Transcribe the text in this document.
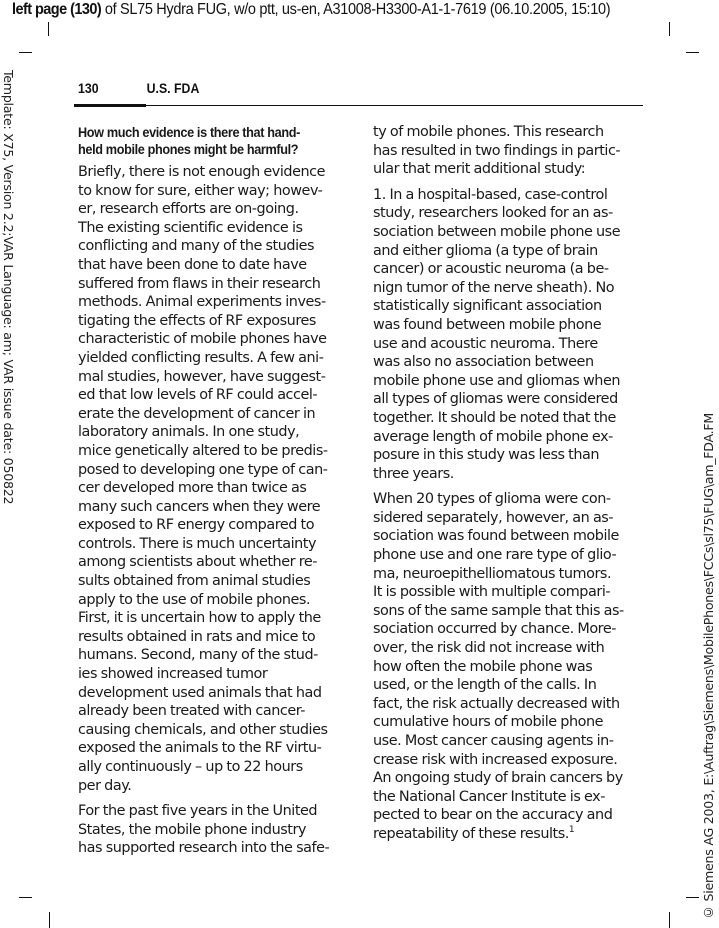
left page (130) of SL75 Hydra FUG, w/o ptt, us-en, A31008-H3300-A1-1-7619 (06.10.2005, 15:10)
Template: X75, Version 2.2;VAR Language: am; VAR issue date: 050822
© Siemens AG 2003, E:\Auftrag\Siemens\MobilePhones\FCCs\sl75\FUG\am_FDA.FM
130	U.S. FDA
How much evidence is there that hand-
held mobile phones might be harmful?

Briefly, there is not enough evidence
to know for sure, either way; howev-
er, research efforts are on-going.
The existing scientific evidence is
conflicting and many of the studies
that have been done to date have
suffered from flaws in their research
methods. Animal experiments inves-
tigating the effects of RF exposures
characteristic of mobile phones have
yielded conflicting results. A few ani-
mal studies, however, have suggest-
ed that low levels of RF could accel-
erate the development of cancer in
laboratory animals. In one study,
mice genetically altered to be predis-
posed to developing one type of can-
cer developed more than twice as
many such cancers when they were
exposed to RF energy compared to
controls. There is much uncertainty
among scientists about whether re-
sults obtained from animal studies
apply to the use of mobile phones.
First, it is uncertain how to apply the
results obtained in rats and mice to
humans. Second, many of the stud-
ies showed increased tumor
development used animals that had
already been treated with cancer-
causing chemicals, and other studies
exposed the animals to the RF virtu-
ally continuously – up to 22 hours
per day.

For the past five years in the United
States, the mobile phone industry
has supported research into the safe-

ty of mobile phones. This research
has resulted in two findings in partic-
ular that merit additional study:

1. In a hospital-based, case-control
study, researchers looked for an as-
sociation between mobile phone use
and either glioma (a type of brain
cancer) or acoustic neuroma (a be-
nign tumor of the nerve sheath). No
statistically significant association
was found between mobile phone
use and acoustic neuroma. There
was also no association between
mobile phone use and gliomas when
all types of gliomas were considered
together. It should be noted that the
average length of mobile phone ex-
posure in this study was less than
three years.

When 20 types of glioma were con-
sidered separately, however, an as-
sociation was found between mobile
phone use and one rare type of glio-
ma, neuroepithelliomatous tumors.
It is possible with multiple compari-
sons of the same sample that this as-
sociation occurred by chance. More-
over, the risk did not increase with
how often the mobile phone was
used, or the length of the calls. In
fact, the risk actually decreased with
cumulative hours of mobile phone
use. Most cancer causing agents in-
crease risk with increased exposure.
An ongoing study of brain cancers by
the National Cancer Institute is ex-
pected to bear on the accuracy and
repeatability of these results.$^1$
